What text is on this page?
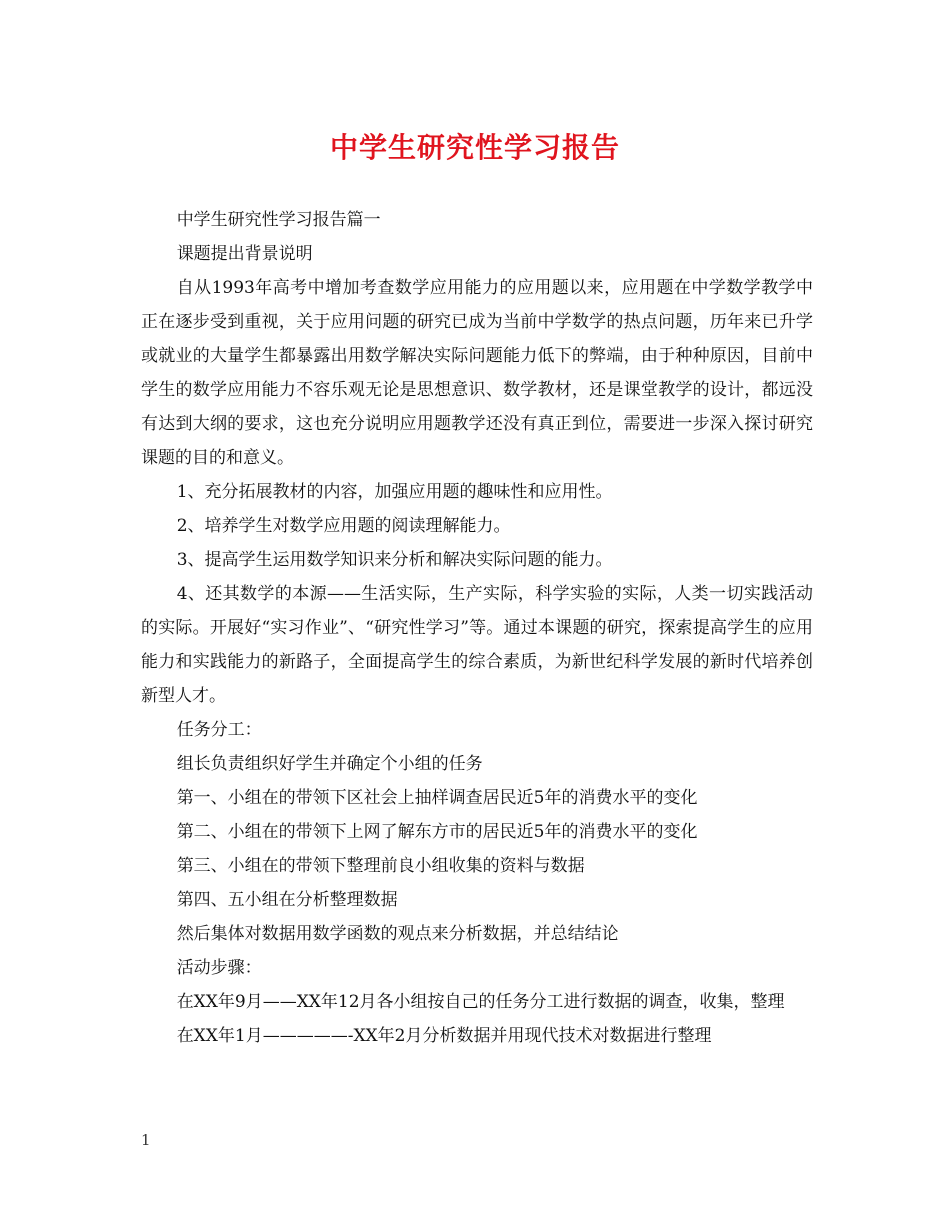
中学生研究性学习报告

中学生研究性学习报告篇一

课题提出背景说明

自从1993年高考中增加考查数学应用能力的应用题以来，应用题在中学数学教学中正在逐步受到重视，关于应用问题的研究已成为当前中学数学的热点问题，历年来已升学或就业的大量学生都暴露出用数学解决实际问题能力低下的弊端，由于种种原因，目前中学生的数学应用能力不容乐观无论是思想意识、数学教材，还是课堂教学的设计，都远没有达到大纲的要求，这也充分说明应用题教学还没有真正到位，需要进一步深入探讨研究课题的目的和意义。

1、充分拓展教材的内容，加强应用题的趣味性和应用性。

2、培养学生对数学应用题的阅读理解能力。

3、提高学生运用数学知识来分析和解决实际问题的能力。

4、还其数学的本源——生活实际，生产实际，科学实验的实际，人类一切实践活动的实际。开展好“实习作业”、“研究性学习”等。通过本课题的研究，探索提高学生的应用能力和实践能力的新路子，全面提高学生的综合素质，为新世纪科学发展的新时代培养创新型人才。

任务分工：

组长负责组织好学生并确定个小组的任务

第一、小组在的带领下区社会上抽样调查居民近5年的消费水平的变化

第二、小组在的带领下上网了解东方市的居民近5年的消费水平的变化

第三、小组在的带领下整理前良小组收集的资料与数据

第四、五小组在分析整理数据

然后集体对数据用数学函数的观点来分析数据，并总结结论

活动步骤：

在XX年9月——XX年12月各小组按自己的任务分工进行数据的调查，收集，整理

在XX年1月—————-XX年2月分析数据并用现代技术对数据进行整理

1
